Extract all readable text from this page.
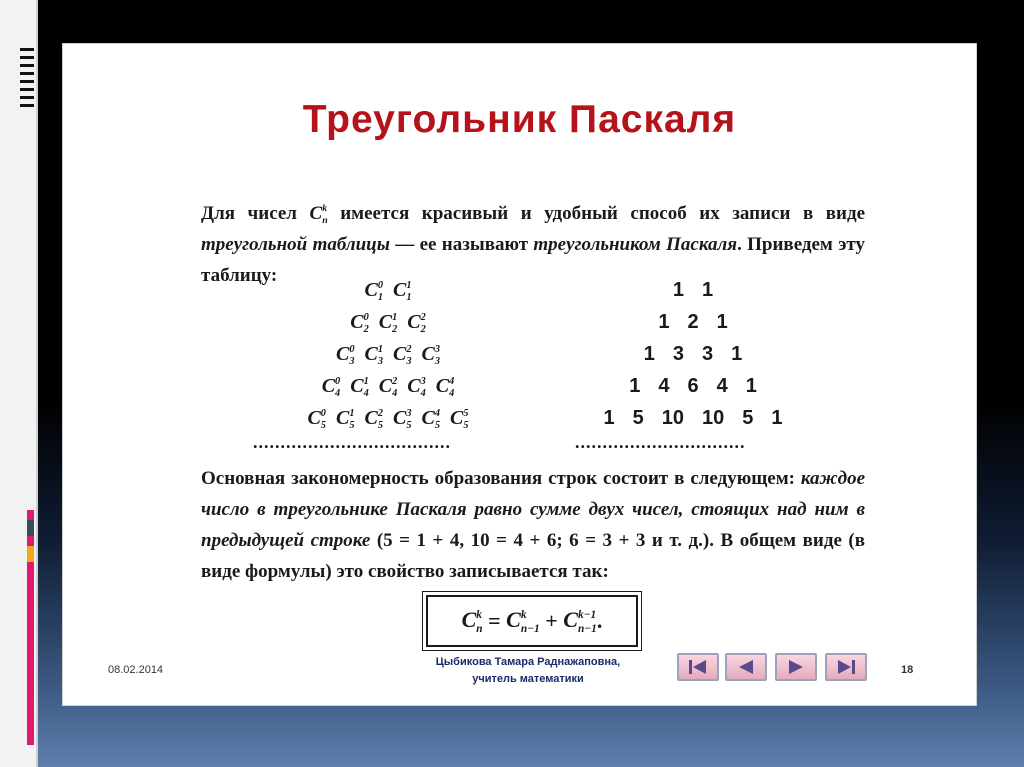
Треугольник Паскаля
Для чисел C $^k$
n имеется красивый и удобный способ их записи в виде треугольной таблицы — ее называют треугольником Паскаля. Приведем эту таблицу:
C $^0$
1 C $^1$
1
C $^0$
2 C $^1$
2 C $^2$
2
C $^0$
3 C $^1$
3 C $^2$
3 C $^3$
3
C $^0$
4 C $^1$
4 C $^2$
4 C $^3$
4 C $^4$
4
C $^0$
5 C $^1$
5 C $^2$
5 C $^3$
5 C $^4$
5 C $^5$
5
1 1
1 2 1
1 3 3 1
1 4 6 4 1
1 5 10 10 5 1
....................................	...............................
Основная закономерность образования строк состоит в следующем: каждое число в треугольнике Паскаля равно сумме двух чисел, стоящих над ним в предыдущей строке (5 = 1 + 4, 10 = 4 + 6; 6 = 3 + 3 и т. д.). В общем виде (в виде формулы) это свойство записывается так:
C $^k$
n = C $^k$
n−1 + C $^{k-1}$
n−1 .
08.02.2014
Цыбикова Тамара Раднажаповна,
учитель математики
18
